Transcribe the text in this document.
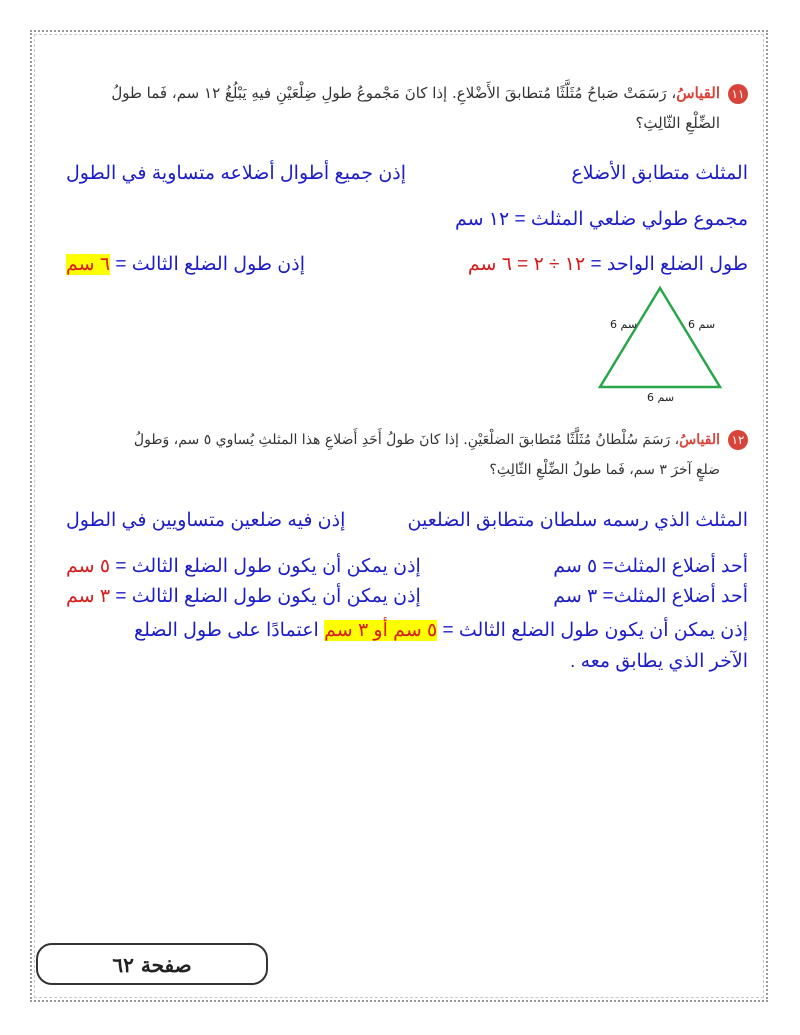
١١القياسُ، رَسَمَتْ صَباحُ مُثَلَّثًا مُتطابقَ الأَضْلاعِ. إذا كانَ مَجْموعُ طولِ ضِلْعَيْنِ فيهِ يَبْلُغُ ١٢ سم، فَما طولُ
الضِّلْعِ الثّالِثِ؟
المثلث متطابق الأضلاع
إذن جميع أطوال أضلاعه متساوية في الطول
مجموع طولي ضلعي المثلث = ١٢ سم
طول الضلع الواحد = ١٢ ÷ ٢ = ٦ سم
إذن طول الضلع الثالث = ٦ سم
6 سم	6 سم
6 سم
١٢القياسُ، رَسَمَ سُلْطانُ مُثَلَّثًا مُتَطابقَ الضلْعَيْنِ. إذا كانَ طولُ أَحَدِ أَضلاعِ هذا المثلثِ يُساوي ٥ سم، وَطولُ
ضلعٍ آخرَ ٣ سم، فَما طولُ الضِّلْعِ الثّالِثِ؟
المثلث الذي رسمه سلطان متطابق الضلعين
إذن فيه ضلعين متساويين في الطول
أحد أضلاع المثلث= ٥ سم
إذن يمكن أن يكون طول الضلع الثالث = ٥ سم
أحد أضلاع المثلث= ٣ سم
إذن يمكن أن يكون طول الضلع الثالث = ٣ سم
إذن يمكن أن يكون طول الضلع الثالث = ٥ سم أو ٣ سم اعتمادًا على طول الضلع
الآخر الذي يطابق معه .
صفحة ٦٢
